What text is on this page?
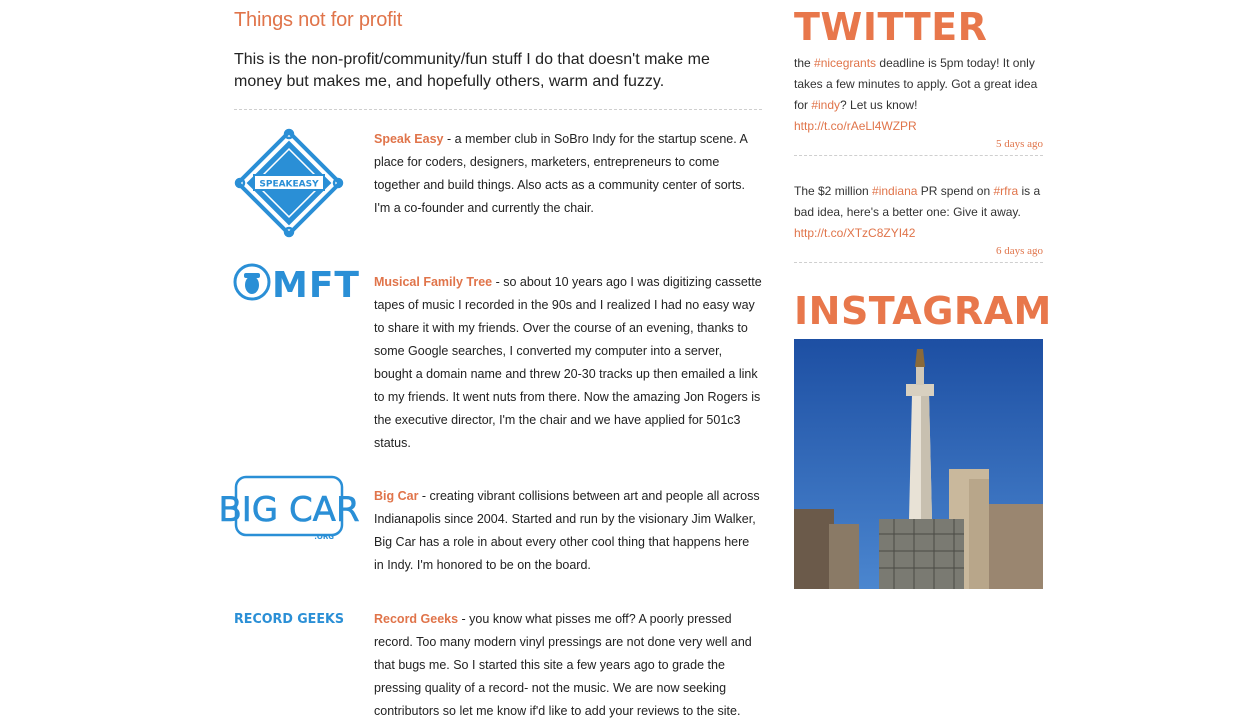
Things not for profit

This is the non-profit/community/fun stuff I do that doesn't make me money but makes me, and hopefully others, warm and fuzzy.

SPEAKEASY
Speak Easy - a member club in SoBro Indy for the startup scene. A place for coders, designers, marketers, entrepreneurs to come together and build things. Also acts as a community center of sorts. I'm a co-founder and currently the chair.
MFT Musical Family Tree - so about 10 years ago I was digitizing cassette tapes of music I recorded in the 90s and I realized I had no easy way to share it with my friends. Over the course of an evening, thanks to some Google searches, I converted my computer into a server, bought a domain name and threw 20-30 tracks up then emailed a link to my friends. It went nuts from there. Now the amazing Jon Rogers is the executive director, I'm the chair and we have applied for 501c3 status.
BIG CAR
.ORG
Big Car - creating vibrant collisions between art and people all across Indianapolis since 2004. Started and run by the visionary Jim Walker, Big Car has a role in about every other cool thing that happens here in Indy. I'm honored to be on the board.
RECORD GEEKS Record Geeks - you know what pisses me off? A poorly pressed record. Too many modern vinyl pressings are not done very well and that bugs me. So I started this site a few years ago to grade the pressing quality of a record- not the music. We are now seeking contributors so let me know if'd like to add your reviews to the site.
TWITTER
the #nicegrants deadline is 5pm today! It only takes a few minutes to apply. Got a great idea for #indy? Let us know! http://t.co/rAeLl4WZPR
5 days ago
The $2 million #indiana PR spend on #rfra is a bad idea, here's a better one: Give it away. http://t.co/XTzC8ZYI42
6 days ago
INSTAGRAM
